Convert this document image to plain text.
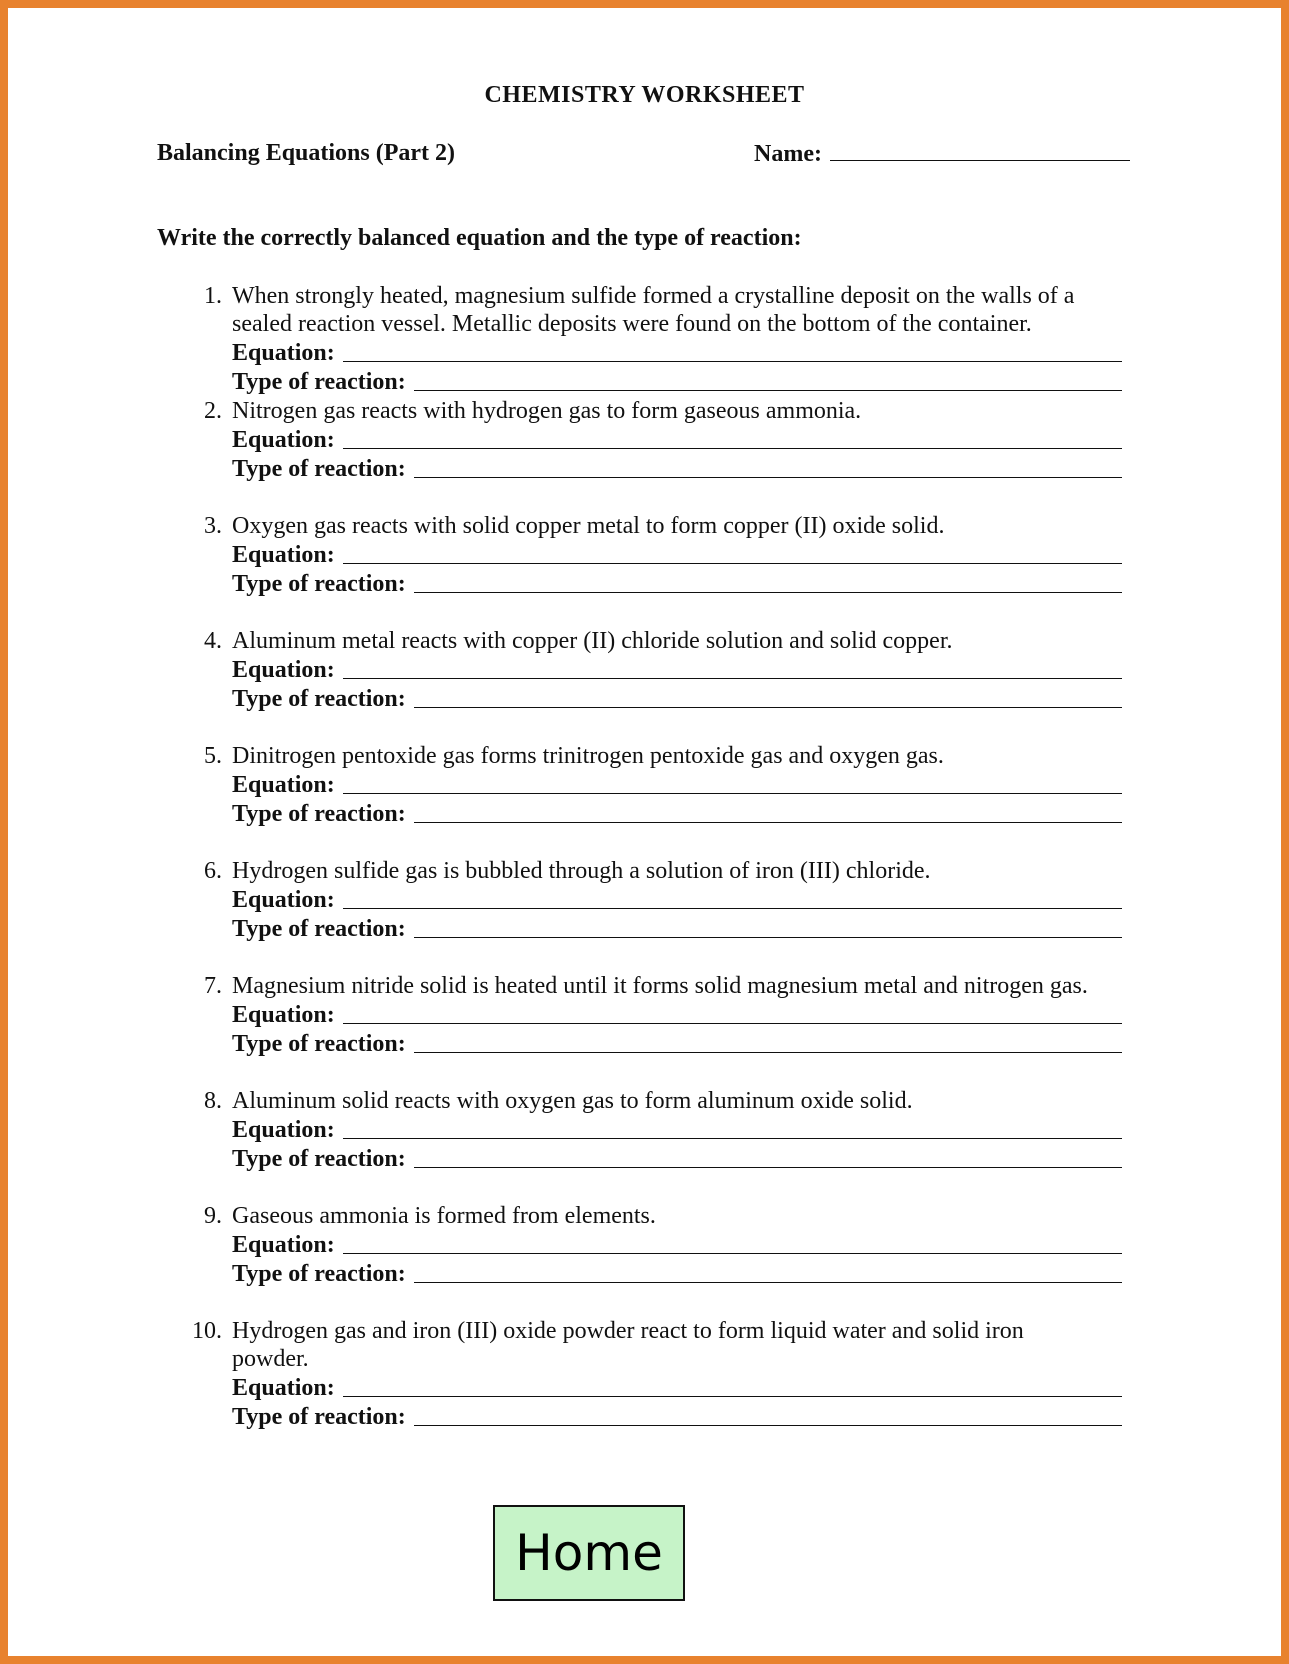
CHEMISTRY WORKSHEET
Balancing Equations (Part 2)	Name:
Write the correctly balanced equation and the type of reaction:
1. When strongly heated, magnesium sulfide formed a crystalline deposit on the walls of a
sealed reaction vessel. Metallic deposits were found on the bottom of the container.
Equation:
Type of reaction:
2. Nitrogen gas reacts with hydrogen gas to form gaseous ammonia.
Equation:
Type of reaction:
3. Oxygen gas reacts with solid copper metal to form copper (II) oxide solid.
Equation:
Type of reaction:
4. Aluminum metal reacts with copper (II) chloride solution and solid copper.
Equation:
Type of reaction:
5. Dinitrogen pentoxide gas forms trinitrogen pentoxide gas and oxygen gas.
Equation:
Type of reaction:
6. Hydrogen sulfide gas is bubbled through a solution of iron (III) chloride.
Equation:
Type of reaction:
7. Magnesium nitride solid is heated until it forms solid magnesium metal and nitrogen gas.
Equation:
Type of reaction:
8. Aluminum solid reacts with oxygen gas to form aluminum oxide solid.
Equation:
Type of reaction:
9. Gaseous ammonia is formed from elements.
Equation:
Type of reaction:
10. Hydrogen gas and iron (III) oxide powder react to form liquid water and solid iron
powder.
Equation:
Type of reaction:
Home
